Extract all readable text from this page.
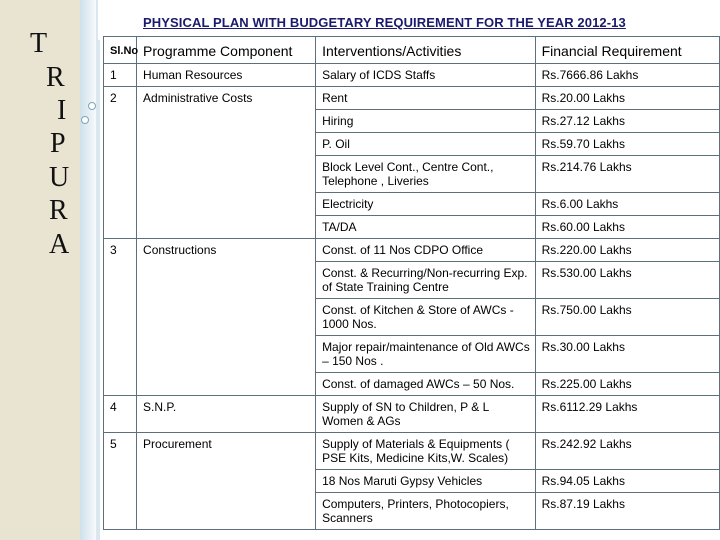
T
R
I
P
U
R
A
PHYSICAL PLAN WITH BUDGETARY REQUIREMENT FOR THE YEAR 2012-13
Sl.No	Programme Component	Interventions/Activities	Financial Requirement
1	Human Resources	Salary of ICDS Staffs	Rs.7666.86 Lakhs
2	Administrative Costs	Rent	Rs.20.00 Lakhs
		Hiring	Rs.27.12 Lakhs
		P. Oil	Rs.59.70 Lakhs
		Block Level Cont., Centre Cont., Telephone , Liveries	Rs.214.76 Lakhs
		Electricity	Rs.6.00 Lakhs
		TA/DA	Rs.60.00 Lakhs
3	Constructions	Const. of 11 Nos CDPO Office	Rs.220.00 Lakhs
		Const. & Recurring/Non-recurring Exp. of State Training Centre	Rs.530.00 Lakhs
		Const. of Kitchen & Store of AWCs - 1000 Nos.	Rs.750.00 Lakhs
		Major repair/maintenance of Old AWCs – 150 Nos .	Rs.30.00 Lakhs
		Const. of damaged AWCs – 50 Nos.	Rs.225.00 Lakhs
4	S.N.P.	Supply of SN to Children, P & L Women & AGs	Rs.6112.29 Lakhs
5	Procurement	Supply of Materials & Equipments ( PSE Kits, Medicine Kits,W. Scales)	Rs.242.92 Lakhs
		18 Nos Maruti Gypsy Vehicles	Rs.94.05 Lakhs
		Computers, Printers, Photocopiers, Scanners	Rs.87.19 Lakhs
